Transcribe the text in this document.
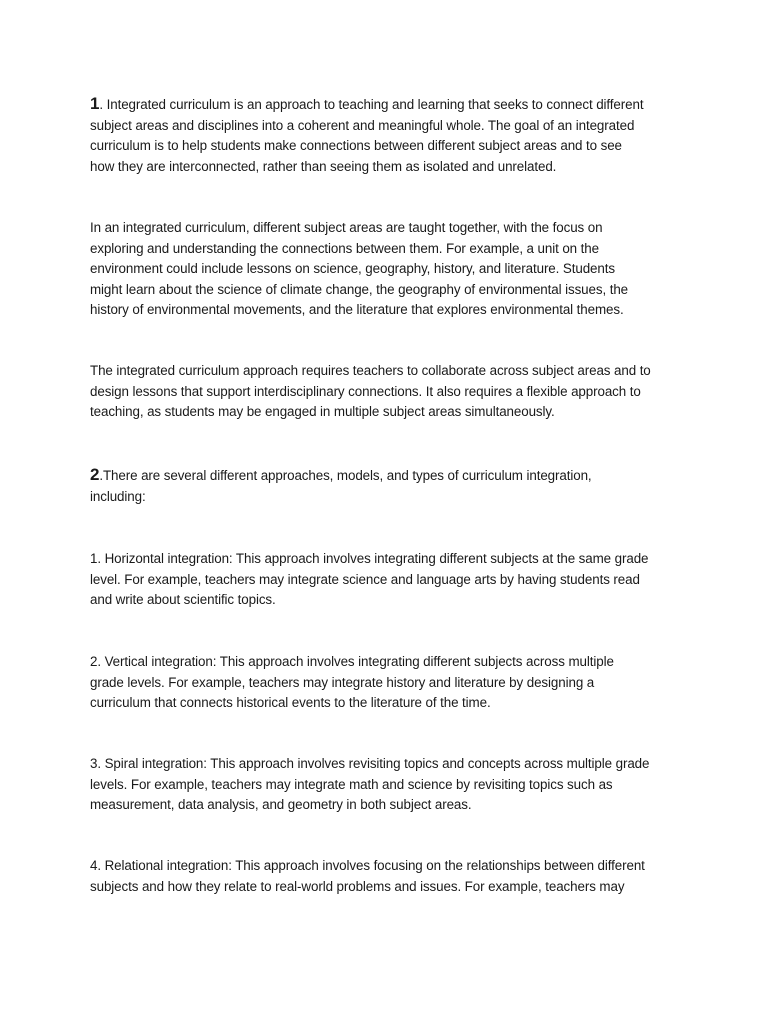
1. Integrated curriculum is an approach to teaching and learning that seeks to connect different
subject areas and disciplines into a coherent and meaningful whole. The goal of an integrated
curriculum is to help students make connections between different subject areas and to see
how they are interconnected, rather than seeing them as isolated and unrelated.
In an integrated curriculum, different subject areas are taught together, with the focus on
exploring and understanding the connections between them. For example, a unit on the
environment could include lessons on science, geography, history, and literature. Students
might learn about the science of climate change, the geography of environmental issues, the
history of environmental movements, and the literature that explores environmental themes.
The integrated curriculum approach requires teachers to collaborate across subject areas and to
design lessons that support interdisciplinary connections. It also requires a flexible approach to
teaching, as students may be engaged in multiple subject areas simultaneously.
2.There are several different approaches, models, and types of curriculum integration,
including:
1. Horizontal integration: This approach involves integrating different subjects at the same grade
level. For example, teachers may integrate science and language arts by having students read
and write about scientific topics.
2. Vertical integration: This approach involves integrating different subjects across multiple
grade levels. For example, teachers may integrate history and literature by designing a
curriculum that connects historical events to the literature of the time.
3. Spiral integration: This approach involves revisiting topics and concepts across multiple grade
levels. For example, teachers may integrate math and science by revisiting topics such as
measurement, data analysis, and geometry in both subject areas.
4. Relational integration: This approach involves focusing on the relationships between different
subjects and how they relate to real-world problems and issues. For example, teachers may
